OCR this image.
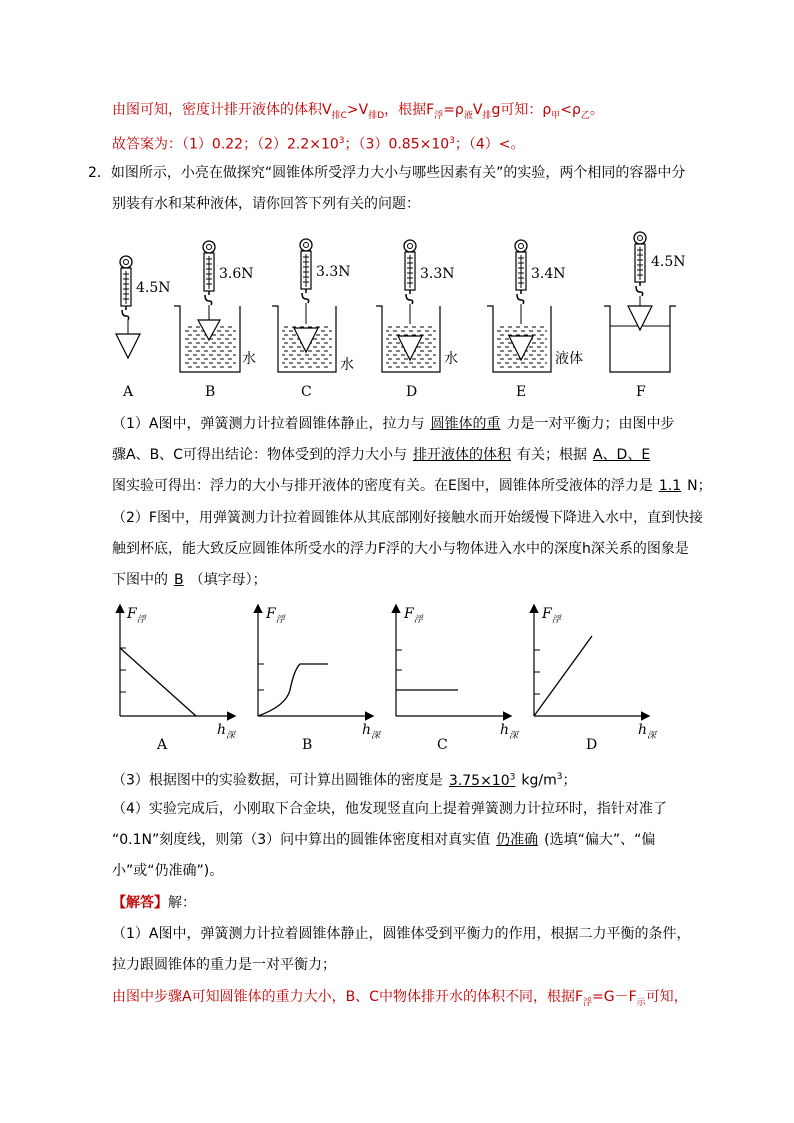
由图可知，密度计排开液体的体积$V_{排C}>V_{排D}$，根据$F_浮=\rho_液V_排g$可知：$\rho_甲<\rho_乙$。
故答案为：（1）0.22；$(2)2.2\times 10^3$；$(3)0.85\times 10^3$；（4）<。
2．如图所示，小亮在做探究“圆锥体所受浮力大小与哪些因素有关”的实验，两个相同的容器中分
别装有水和某种液体，请你回答下列有关的问题：
4.5N
3.6N	3.3N	3.3N	3.4N
4.5N
水	水	水	液体
A	B	C	D	E	F
（1）A图中，弹簧测力计拉着圆锥体静止，拉力与 圆锥体的重 力是一对平衡力；由图中步
骤A、B、C可得出结论：物体受到的浮力大小与 排开液体的体积 有关；根据 A、D、E
图实验可得出：浮力的大小与排开液体的密度有关。在E图中，圆锥体所受液体的浮力是 1.1 N；
（2）F图中，用弹簧测力计拉着圆锥体从其底部刚好接触水而开始缓慢下降进入水中，直到快接
触到杯底，能大致反应圆锥体所受水的浮力F浮的大小与物体进入水中的深度h深关系的图象是
下图中的 B （填字母）；
$F_浮$
$h_深$
$F_浮$
$h_深$
$F_浮$
$h_深$
$F_浮$
$h_深$
A	B	C	D
（3）根据图中的实验数据，可计算出圆锥体的密度是 $3.75\times 10^3$ $kg/m^3$；
（4）实验完成后，小刚取下合金块，他发现竖直向上提着弹簧测力计拉环时，指针对准了
“0.1N”刻度线，则第（3）问中算出的圆锥体密度相对真实值 仍准确 (选填“偏大”、“偏
小”或“仍准确”)。
【解答】解：
（1）A图中，弹簧测力计拉着圆锥体静止，圆锥体受到平衡力的作用，根据二力平衡的条件，
拉力跟圆锥体的重力是一对平衡力；
由图中步骤A可知圆锥体的重力大小，B、C中物体排开水的体积不同，根据$F_浮=G-F_示$可知，
